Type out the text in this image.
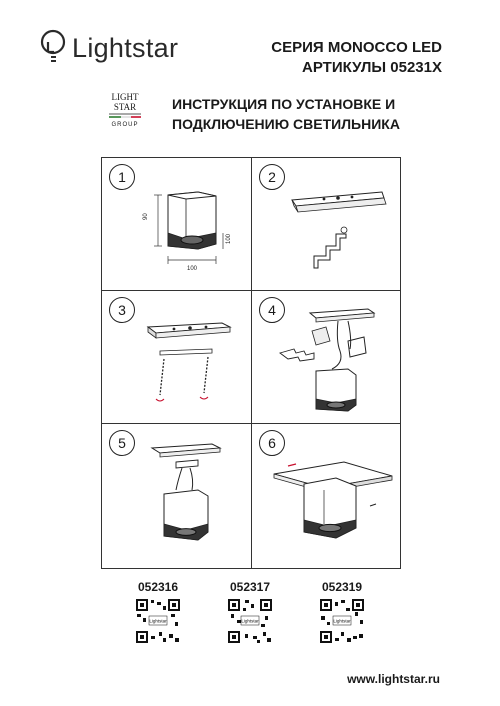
Lightstar	СЕРИЯ MONOCCO LED
АРТИКУЛЫ 05231X
LIGHT
STAR
GROUP
ИНСТРУКЦИЯ ПО УСТАНОВКЕ И
ПОДКЛЮЧЕНИЮ СВЕТИЛЬНИКА
1
90
100
100
2
3	4
5	6
052316	052317	052319
Lightstar	Lightstar	Lightstar
www.lightstar.ru
